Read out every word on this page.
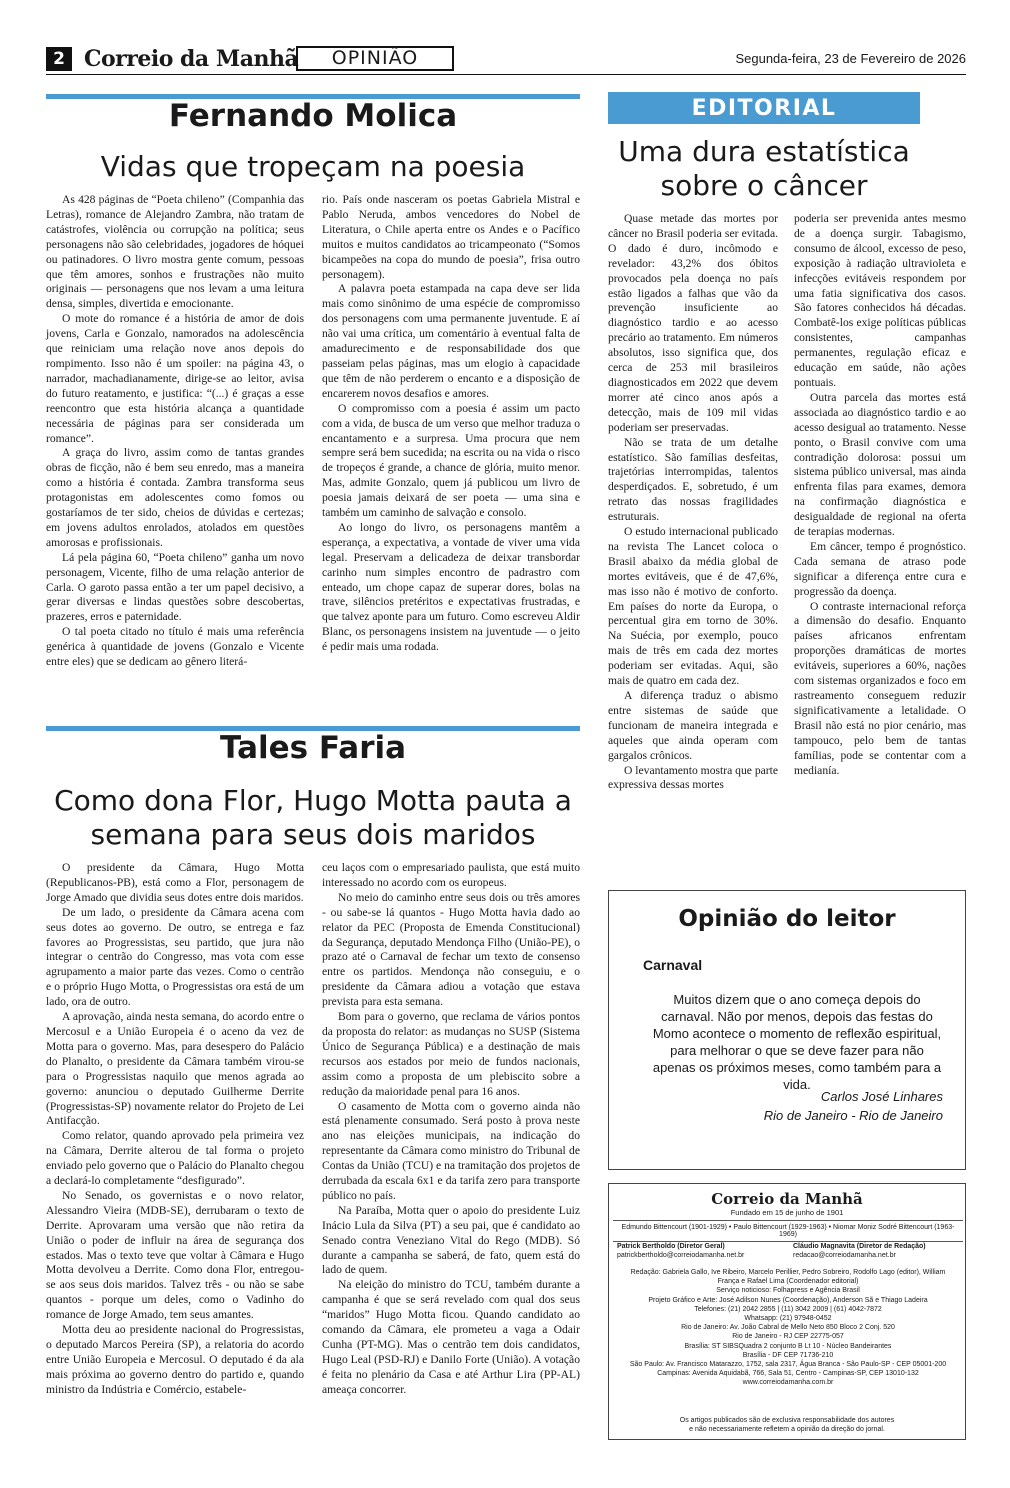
2 Correio da Manhã	OPINIÃO	Segunda-feira, 23 de Fevereiro de 2026
Fernando Molica
Vidas que tropeçam na poesia

As 428 páginas de “Poeta chileno” (Companhia das Letras), romance de Alejandro Zambra, não tratam de catástrofes, violência ou corrupção na política; seus personagens não são celebridades, jogadores de hóquei ou patinadores. O livro mostra gente comum, pessoas que têm amores, sonhos e frustrações não muito originais — personagens que nos levam a uma leitura densa, simples, divertida e emocionante.

O mote do romance é a história de amor de dois jovens, Carla e Gonzalo, namorados na adolescência que reiniciam uma relação nove anos depois do rompimento. Isso não é um spoiler: na página 43, o narrador, machadianamente, dirige-se ao leitor, avisa do futuro reatamento, e justifica: “(...) é graças a esse reencontro que esta história alcança a quantidade necessária de páginas para ser considerada um romance”.

A graça do livro, assim como de tantas grandes obras de ficção, não é bem seu enredo, mas a maneira como a história é contada. Zambra transforma seus protagonistas em adolescentes como fomos ou gostaríamos de ter sido, cheios de dúvidas e certezas; em jovens adultos enrolados, atolados em questões amorosas e profissionais.

Lá pela página 60, “Poeta chileno” ganha um novo personagem, Vicente, filho de uma relação anterior de Carla. O garoto passa então a ter um papel decisivo, a gerar diversas e lindas questões sobre descobertas, prazeres, erros e paternidade.

O tal poeta citado no título é mais uma referência genérica à quantidade de jovens (Gonzalo e Vicente entre eles) que se dedicam ao gênero literá-

rio. País onde nasceram os poetas Gabriela Mistral e Pablo Neruda, ambos vencedores do Nobel de Literatura, o Chile aperta entre os Andes e o Pacífico muitos e muitos candidatos ao tricampeonato (“Somos bicampeões na copa do mundo de poesia”, frisa outro personagem).

A palavra poeta estampada na capa deve ser lida mais como sinônimo de uma espécie de compromisso dos personagens com uma permanente juventude. E aí não vai uma crítica, um comentário à eventual falta de amadurecimento e de responsabilidade dos que passeiam pelas páginas, mas um elogio à capacidade que têm de não perderem o encanto e a disposição de encarerem novos desafios e amores.

O compromisso com a poesia é assim um pacto com a vida, de busca de um verso que melhor traduza o encantamento e a surpresa. Uma procura que nem sempre será bem sucedida; na escrita ou na vida o risco de tropeços é grande, a chance de glória, muito menor. Mas, admite Gonzalo, quem já publicou um livro de poesia jamais deixará de ser poeta — uma sina e também um caminho de salvação e consolo.

Ao longo do livro, os personagens mantêm a esperança, a expectativa, a vontade de viver uma vida legal. Preservam a delicadeza de deixar transbordar carinho num simples encontro de padrastro com enteado, um chope capaz de superar dores, bolas na trave, silêncios pretéritos e expectativas frustradas, e que talvez aponte para um futuro. Como escreveu Aldir Blanc, os personagens insistem na juventude — o jeito é pedir mais uma rodada.

Tales Faria
Como dona Flor, Hugo Motta pauta a semana para seus dois maridos

O presidente da Câmara, Hugo Motta (Republicanos-PB), está como a Flor, personagem de Jorge Amado que dividia seus dotes entre dois maridos.

De um lado, o presidente da Câmara acena com seus dotes ao governo. De outro, se entrega e faz favores ao Progressistas, seu partido, que jura não integrar o centrão do Congresso, mas vota com esse agrupamento a maior parte das vezes. Como o centrão e o próprio Hugo Motta, o Progressistas ora está de um lado, ora de outro.

A aprovação, ainda nesta semana, do acordo entre o Mercosul e a União Europeia é o aceno da vez de Motta para o governo. Mas, para desespero do Palácio do Planalto, o presidente da Câmara também virou-se para o Progressistas naquilo que menos agrada ao governo: anunciou o deputado Guilherme Derrite (Progressistas-SP) novamente relator do Projeto de Lei Antifacção.

Como relator, quando aprovado pela primeira vez na Câmara, Derrite alterou de tal forma o projeto enviado pelo governo que o Palácio do Planalto chegou a declará-lo completamente “desfigurado”.

No Senado, os governistas e o novo relator, Alessandro Vieira (MDB-SE), derrubaram o texto de Derrite. Aprovaram uma versão que não retira da União o poder de influir na área de segurança dos estados. Mas o texto teve que voltar à Câmara e Hugo Motta devolveu a Derrite. Como dona Flor, entregou-se aos seus dois maridos. Talvez três - ou não se sabe quantos - porque um deles, como o Vadinho do romance de Jorge Amado, tem seus amantes.

Motta deu ao presidente nacional do Progressistas, o deputado Marcos Pereira (SP), a relatoria do acordo entre União Europeia e Mercosul. O deputado é da ala mais próxima ao governo dentro do partido e, quando ministro da Indústria e Comércio, estabele-

ceu laços com o empresariado paulista, que está muito interessado no acordo com os europeus.

No meio do caminho entre seus dois ou três amores - ou sabe-se lá quantos - Hugo Motta havia dado ao relator da PEC (Proposta de Emenda Constitucional) da Segurança, deputado Mendonça Filho (União-PE), o prazo até o Carnaval de fechar um texto de consenso entre os partidos. Mendonça não conseguiu, e o presidente da Câmara adiou a votação que estava prevista para esta semana.

Bom para o governo, que reclama de vários pontos da proposta do relator: as mudanças no SUSP (Sistema Único de Segurança Pública) e a destinação de mais recursos aos estados por meio de fundos nacionais, assim como a proposta de um plebiscito sobre a redução da maioridade penal para 16 anos.

O casamento de Motta com o governo ainda não está plenamente consumado. Será posto à prova neste ano nas eleições municipais, na indicação do representante da Câmara como ministro do Tribunal de Contas da União (TCU) e na tramitação dos projetos de derrubada da escala 6x1 e da tarifa zero para transporte público no país.

Na Paraíba, Motta quer o apoio do presidente Luiz Inácio Lula da Silva (PT) a seu pai, que é candidato ao Senado contra Veneziano Vital do Rego (MDB). Só durante a campanha se saberá, de fato, quem está do lado de quem.

Na eleição do ministro do TCU, também durante a campanha é que se será revelado com qual dos seus “maridos” Hugo Motta ficou. Quando candidato ao comando da Câmara, ele prometeu a vaga a Odair Cunha (PT-MG). Mas o centrão tem dois candidatos, Hugo Leal (PSD-RJ) e Danilo Forte (União). A votação é feita no plenário da Casa e até Arthur Lira (PP-AL) ameaça concorrer.

EDITORIAL
Uma dura estatística sobre o câncer

Quase metade das mortes por câncer no Brasil poderia ser evitada. O dado é duro, incômodo e revelador: 43,2% dos óbitos provocados pela doença no país estão ligados a falhas que vão da prevenção insuficiente ao diagnóstico tardio e ao acesso precário ao tratamento. Em números absolutos, isso significa que, dos cerca de 253 mil brasileiros diagnosticados em 2022 que devem morrer até cinco anos após a detecção, mais de 109 mil vidas poderiam ser preservadas.

Não se trata de um detalhe estatístico. São famílias desfeitas, trajetórias interrompidas, talentos desperdiçados. E, sobretudo, é um retrato das nossas fragilidades estruturais.

O estudo internacional publicado na revista The Lancet coloca o Brasil abaixo da média global de mortes evitáveis, que é de 47,6%, mas isso não é motivo de conforto. Em países do norte da Europa, o percentual gira em torno de 30%. Na Suécia, por exemplo, pouco mais de três em cada dez mortes poderiam ser evitadas. Aqui, são mais de quatro em cada dez.

A diferença traduz o abismo entre sistemas de saúde que funcionam de maneira integrada e aqueles que ainda operam com gargalos crônicos.

O levantamento mostra que parte expressiva dessas mortes

poderia ser prevenida antes mesmo de a doença surgir. Tabagismo, consumo de álcool, excesso de peso, exposição à radiação ultravioleta e infecções evitáveis respondem por uma fatia significativa dos casos. São fatores conhecidos há décadas. Combatê-los exige políticas públicas consistentes, campanhas permanentes, regulação eficaz e educação em saúde, não ações pontuais.

Outra parcela das mortes está associada ao diagnóstico tardio e ao acesso desigual ao tratamento. Nesse ponto, o Brasil convive com uma contradição dolorosa: possui um sistema público universal, mas ainda enfrenta filas para exames, demora na confirmação diagnóstica e desigualdade de regional na oferta de terapias modernas.

Em câncer, tempo é prognóstico. Cada semana de atraso pode significar a diferença entre cura e progressão da doença.

O contraste internacional reforça a dimensão do desafio. Enquanto países africanos enfrentam proporções dramáticas de mortes evitáveis, superiores a 60%, nações com sistemas organizados e foco em rastreamento conseguem reduzir significativamente a letalidade. O Brasil não está no pior cenário, mas tampouco, pelo bem de tantas famílias, pode se contentar com a medianía.

Opinião do leitor
Carnaval
Muitos dizem que o ano começa depois do carnaval. Não por menos, depois das festas do Momo acontece o momento de reflexão espiritual, para melhorar o que se deve fazer para não apenas os próximos meses, como também para a vida.
Carlos José Linhares
Rio de Janeiro - Rio de Janeiro
Correio da Manhã
Fundado em 15 de junho de 1901
Edmundo Bittencourt (1901-1929) • Paulo Bittencourt (1929-1963) • Niomar Moniz Sodré Bittencourt (1963-1969)
Patrick Bertholdo (Diretor Geral)
patrickbertholdo@correiodamanha.net.br
Cláudio Magnavita (Diretor de Redação)
redacao@correiodamanha.net.br
Redação: Gabriela Gallo, Ive Ribeiro, Marcelo Perillier, Pedro Sobreiro, Rodolfo Lago (editor), William França e Rafael Lima (Coordenador editorial)
Serviço noticioso: Folhapress e Agência Brasil
Projeto Gráfico e Arte: José Adilson Nunes (Coordenação), Anderson Sã e Thiago Ladeira
Telefones: (21) 2042 2855 | (11) 3042 2009 | (61) 4042-7872
Whatsapp: (21) 97948-0452
Rio de Janeiro: Av. João Cabral de Mello Neto 850 Bloco 2 Conj. 520
Rio de Janeiro - RJ CEP 22775-057
Brasília: ST SIBSQuadra 2 conjunto B Lt 10 - Núcleo Bandeirantes
Brasília - DF CEP 71736-210
São Paulo: Av. Francisco Matarazzo, 1752, sala 2317, Água Branca - São Paulo-SP - CEP 05001-200
Campinas: Avenida Aquidabã, 766, Sala 51, Centro - Campinas-SP, CEP 13010-132
www.correiodamanha.com.br
Os artigos publicados são de exclusiva responsabilidade dos autores
e não necessariamente refletem a opinião da direção do jornal.
